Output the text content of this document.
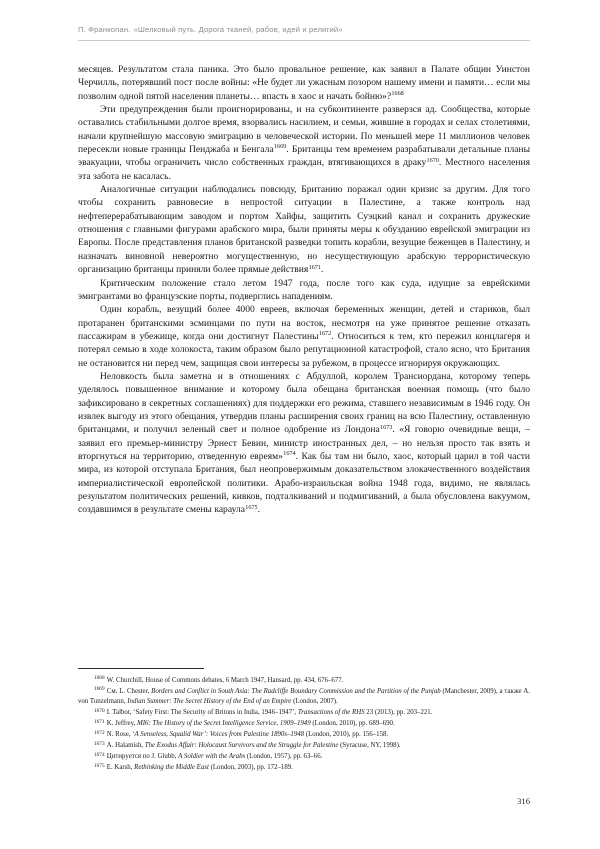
П. Франкопан. «Шелковый путь. Дорога тканей, рабов, идей и религий»

месяцев. Результатом стала паника. Это было провальное решение, как заявил в Палате общин Уинстон Черчилль, потерявший пост после войны: «Не будет ли ужасным позором нашему имени и памяти… если мы позволим одной пятой населения планеты… впасть в хаос и начать бойню»?$^{1668}$

Эти предупреждения были проигнорированы, и на субконтиненте разверзся ад. Сообщества, которые оставались стабильными долгое время, взорвались насилием, и семьи, жившие в городах и селах столетиями, начали крупнейшую массовую эмиграцию в человеческой истории. По меньшей мере 11 миллионов человек пересекли новые границы Пенджаба и Бенгала$^{1669}$. Британцы тем временем разрабатывали детальные планы эвакуации, чтобы ограничить число собственных граждан, втягивающихся в драку$^{1670}$. Местного населения эта забота не касалась.

Аналогичные ситуации наблюдались повсюду, Британию поражал один кризис за другим. Для того чтобы сохранить равновесие в непростой ситуации в Палестине, а также контроль над нефтеперерабатывающим заводом и портом Хайфы, защитить Суэцкий канал и сохранить дружеские отношения с главными фигурами арабского мира, были приняты меры к обузданию еврейской эмиграции из Европы. После представления планов британской разведки топить корабли, везущие беженцев в Палестину, и назначать виновной невероятно могущественную, но несуществующую арабскую террористическую организацию британцы приняли более прямые действия$^{1671}$.

Критическим положение стало летом 1947 года, после того как суда, идущие за еврейскими эмигрантами во французские порты, подверглись нападениям.

Один корабль, везущий более 4000 евреев, включая беременных женщин, детей и стариков, был протаранен британскими эсминцами по пути на восток, несмотря на уже принятое решение отказать пассажирам в убежище, когда они достигнут Палестины$^{1672}$. Относиться к тем, кто пережил концлагеря и потерял семью в ходе холокоста, таким образом было репутационной катастрофой, стало ясно, что Британия не остановится ни перед чем, защищая свои интересы за рубежом, в процессе игнорируя окружающих.

Неловкость была заметна и в отношениях с Абдуллой, королем Трансиордана, которому теперь уделялось повышенное внимание и которому была обещана британская военная помощь (что было зафиксировано в секретных соглашениях) для поддержки его режима, ставшего независимым в 1946 году. Он извлек выгоду из этого обещания, утвердив планы расширения своих границ на всю Палестину, оставленную британцами, и получил зеленый свет и полное одобрение из Лондона$^{1673}$. «Я говорю очевидные вещи, – заявил его премьер-министру Эрнест Бевин, министр иностранных дел, – но нельзя просто так взять и вторгнуться на территорию, отведенную евреям»$^{1674}$. Как бы там ни было, хаос, который царил в той части мира, из которой отступала Британия, был неопровержимым доказательством злокачественного воздействия империалистической европейской политики. Арабо-израильская война 1948 года, видимо, не являлась результатом политических решений, кивков, подталкиваний и подмигиваний, а была обусловлена вакуумом, создавшимся в результате смены караула$^{1675}$.

$^{1668}$ W. Churchill, House of Commons debates, 6 March 1947, Hansard, pp. 434, 676–677.

$^{1669}$ См. L. Chester, Borders and Conflict in South Asia: The Radcliffe Boundary Commission and the Partition of the Punjab (Manchester, 2009), а также A. von Tunzelmann, Indian Summer: The Secret History of the End of an Empire (London, 2007).

$^{1670}$ I. Talbot, ‘Safety First: The Security of Britons in India, 1946–1947’, Transactions of the RHS 23 (2013), pp. 203–221.

$^{1671}$ K. Jeffrey, MI6: The History of the Secret Intelligence Service, 1909–1949 (London, 2010), pp. 689–690.

$^{1672}$ N. Rose, ‘A Senseless, Squalid War’: Voices from Palestine 1890s–1948 (London, 2010), pp. 156–158.

$^{1673}$ A. Halamish, The Exodus Affair: Holocaust Survivors and the Struggle for Palestine (Syracuse, NY, 1998).

$^{1674}$ Цитируется по J. Glubb, A Soldier with the Arabs (London, 1957), pp. 63–66.

$^{1675}$ E. Karsh, Rethinking the Middle East (London, 2003), pp. 172–189.

316
